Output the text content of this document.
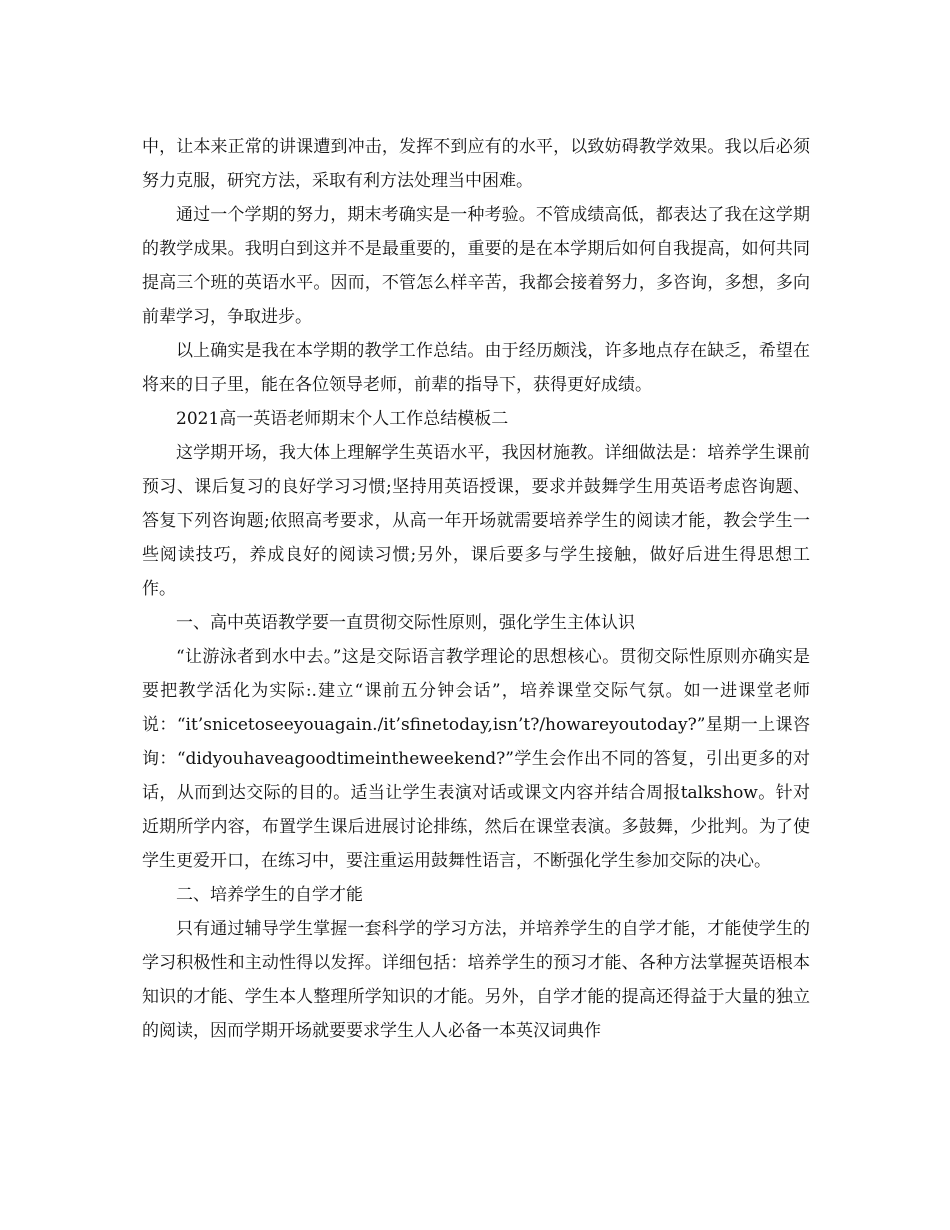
中，让本来正常的讲课遭到冲击，发挥不到应有的水平，以致妨碍教学效果。我以后必须努力克服，研究方法，采取有利方法处理当中困难。

通过一个学期的努力，期末考确实是一种考验。不管成绩高低，都表达了我在这学期的教学成果。我明白到这并不是最重要的，重要的是在本学期后如何自我提高，如何共同提高三个班的英语水平。因而，不管怎么样辛苦，我都会接着努力，多咨询，多想，多向前辈学习，争取进步。

以上确实是我在本学期的教学工作总结。由于经历颇浅，许多地点存在缺乏，希望在将来的日子里，能在各位领导老师，前辈的指导下，获得更好成绩。

2021高一英语老师期末个人工作总结模板二

这学期开场，我大体上理解学生英语水平，我因材施教。详细做法是：培养学生课前预习、课后复习的良好学习习惯;坚持用英语授课，要求并鼓舞学生用英语考虑咨询题、答复下列咨询题;依照高考要求，从高一年开场就需要培养学生的阅读才能，教会学生一些阅读技巧，养成良好的阅读习惯;另外，课后要多与学生接触，做好后进生得思想工作。

一、高中英语教学要一直贯彻交际性原则，强化学生主体认识

“让游泳者到水中去。”这是交际语言教学理论的思想核心。贯彻交际性原则亦确实是要把教学活化为实际:.建立“课前五分钟会话”，培养课堂交际气氛。如一进课堂老师说：“it’snicetoseeyouagain./it’sfinetoday,isn’t?/howareyoutoday?”星期一上课咨询：“didyouhaveagoodtimeintheweekend?”学生会作出不同的答复，引出更多的对话，从而到达交际的目的。适当让学生表演对话或课文内容并结合周报talkshow。针对近期所学内容，布置学生课后进展讨论排练，然后在课堂表演。多鼓舞，少批判。为了使学生更爱开口，在练习中，要注重运用鼓舞性语言，不断强化学生参加交际的决心。

二、培养学生的自学才能

只有通过辅导学生掌握一套科学的学习方法，并培养学生的自学才能，才能使学生的学习积极性和主动性得以发挥。详细包括：培养学生的预习才能、各种方法掌握英语根本知识的才能、学生本人整理所学知识的才能。另外，自学才能的提高还得益于大量的独立的阅读，因而学期开场就要要求学生人人必备一本英汉词典作
